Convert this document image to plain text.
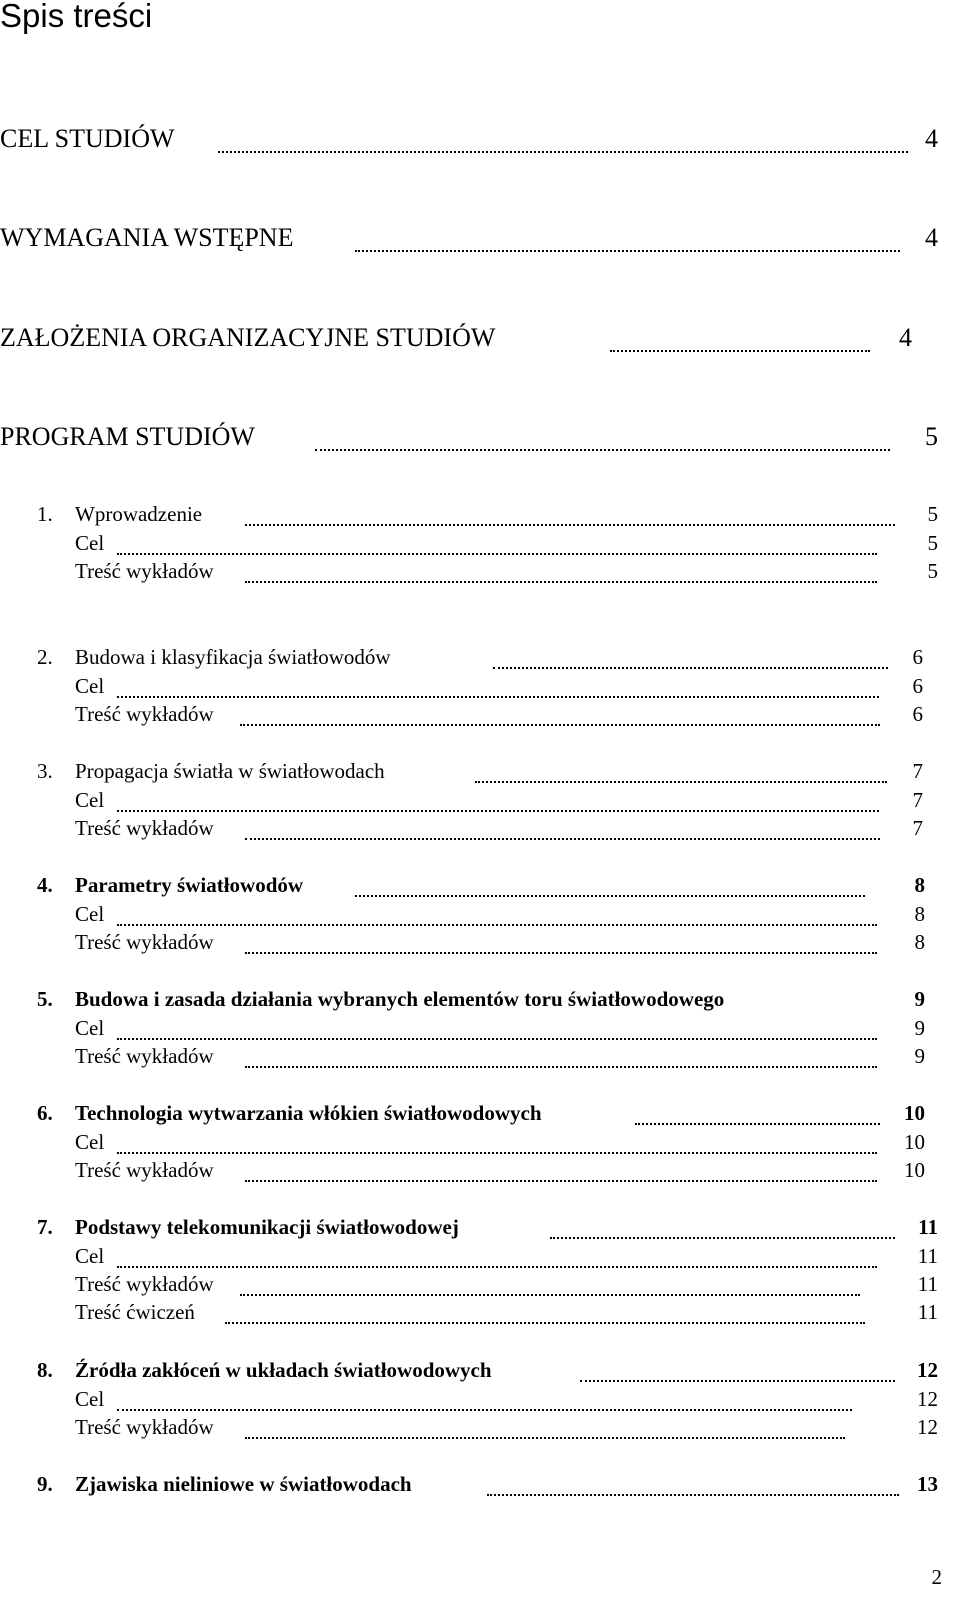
Spis treści
CEL STUDIÓW	4
WYMAGANIA WSTĘPNE	4
ZAŁOŻENIA ORGANIZACYJNE STUDIÓW	4
PROGRAM STUDIÓW	5
1. Wprowadzenie	5
Cel	5
Treść wykładów	5
2. Budowa i klasyfikacja światłowodów	6
Cel	6
Treść wykładów	6
3. Propagacja światła w światłowodach	7
Cel	7
Treść wykładów	7
4. Parametry światłowodów	8
Cel	8
Treść wykładów	8
5. Budowa i zasada działania wybranych elementów toru światłowodowego	9
Cel	9
Treść wykładów	9
6. Technologia wytwarzania włókien światłowodowych	10
Cel	10
Treść wykładów	10
7. Podstawy telekomunikacji światłowodowej	11
Cel	11
Treść wykładów	11
Treść ćwiczeń	11
8. Źródła zakłóceń w układach światłowodowych	12
Cel	12
Treść wykładów	12
9. Zjawiska nieliniowe w światłowodach	13
2
